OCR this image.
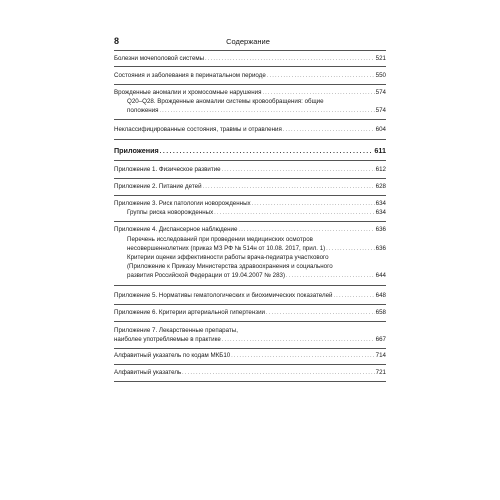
8	Содержание
Болезни мочеполовой системы . . .	521
Состояния и заболевания в перинатальном периоде . . .	550
Врожденные аномалии и хромосомные нарушения . . .	574
Q20–Q28. Врожденные аномалии системы кровообращения: общие
положения . . .	574
Неклассифицированные состояния, травмы и отравления . . .	604
Приложения . . .	611
Приложение 1. Физическое развитие . . .	612
Приложение 2. Питание детей . . .	628
Приложение 3. Риск патологии новорожденных . . .	634
Группы риска новорожденных . . .	634
Приложение 4. Диспансерное наблюдение . . .	636
Перечень исследований при проведении медицинских осмотров
несовершеннолетних (приказ МЗ РФ № 514н от 10.08. 2017, прил. 1) . . .	636
Критерии оценки эффективности работы врача-педиатра участкового
(Приложение к Приказу Министерства здравоохранения и социального
развития Российской Федерации от 19.04.2007 № 283) . . .	644
Приложение 5. Нормативы гематологических и биохимических показателей . . .	648
Приложение 6. Критерии артериальной гипертензии . . .	658
Приложение 7. Лекарственные препараты,
наиболее употребляемые в практике . . .	667
Алфавитный указатель по кодам МКБ10 . . .	714
Алфавитный указатель . . .	721
